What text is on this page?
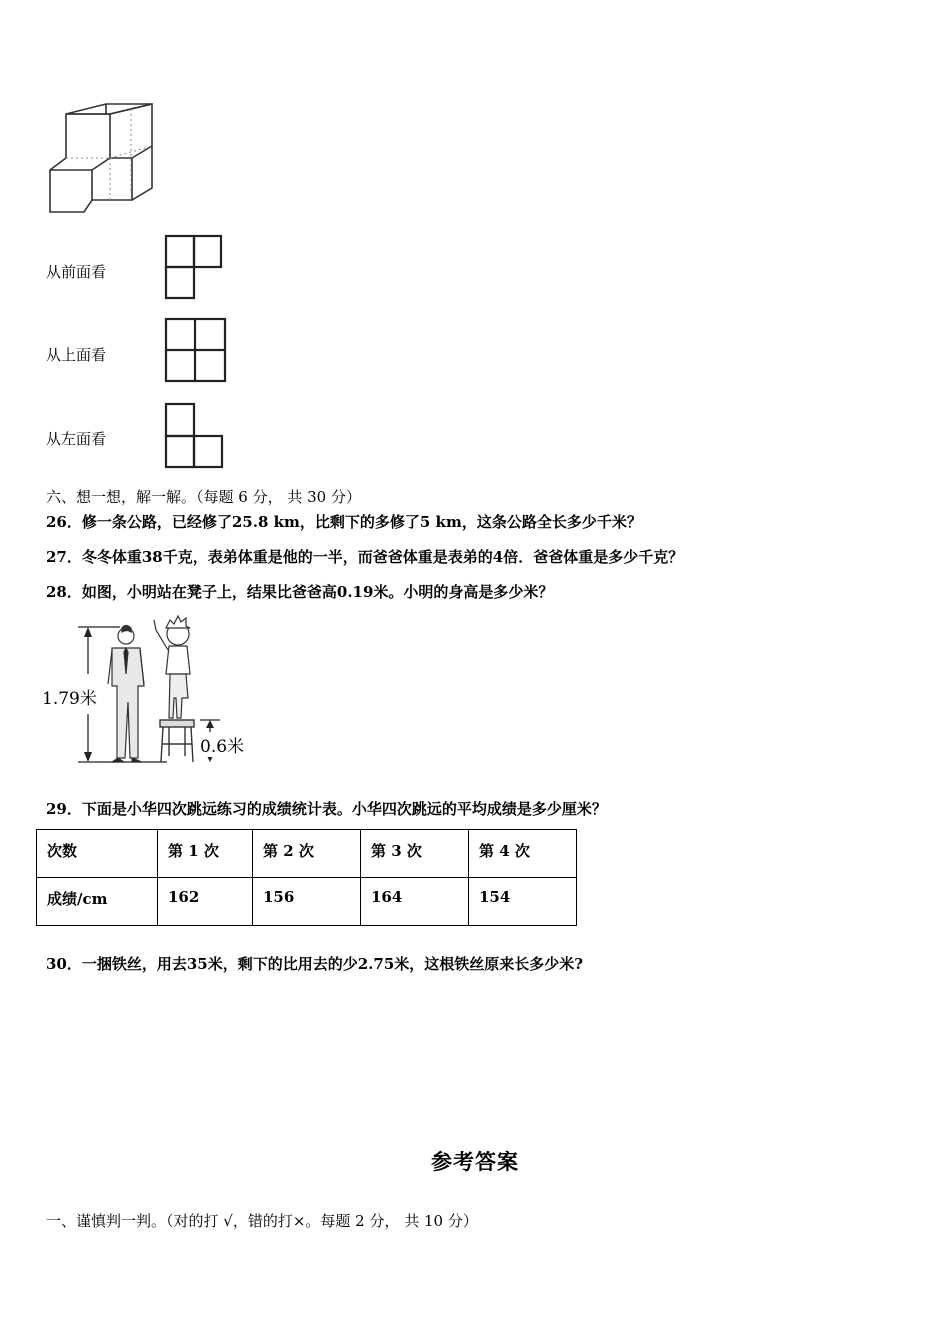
从前面看
从上面看
从左面看
六、想一想，解一解。（每题 6 分， 共 30 分）
26．修一条公路，已经修了25.8 km，比剩下的多修了5 km，这条公路全长多少千米？
27．冬冬体重38千克，表弟体重是他的一半，而爸爸体重是表弟的4倍．爸爸体重是多少千克？
28．如图，小明站在凳子上，结果比爸爸高0.19米。小明的身高是多少米？
1.79米
0.6米
29．下面是小华四次跳远练习的成绩统计表。小华四次跳远的平均成绩是多少厘米？
次数	第 1 次	第 2 次	第 3 次	第 4 次
成绩/cm	162	156	164	154
30．一捆铁丝，用去35米，剩下的比用去的少2.75米，这根铁丝原来长多少米?
参考答案
一、谨慎判一判。（对的打 √，错的打×。每题 2 分， 共 10 分）
